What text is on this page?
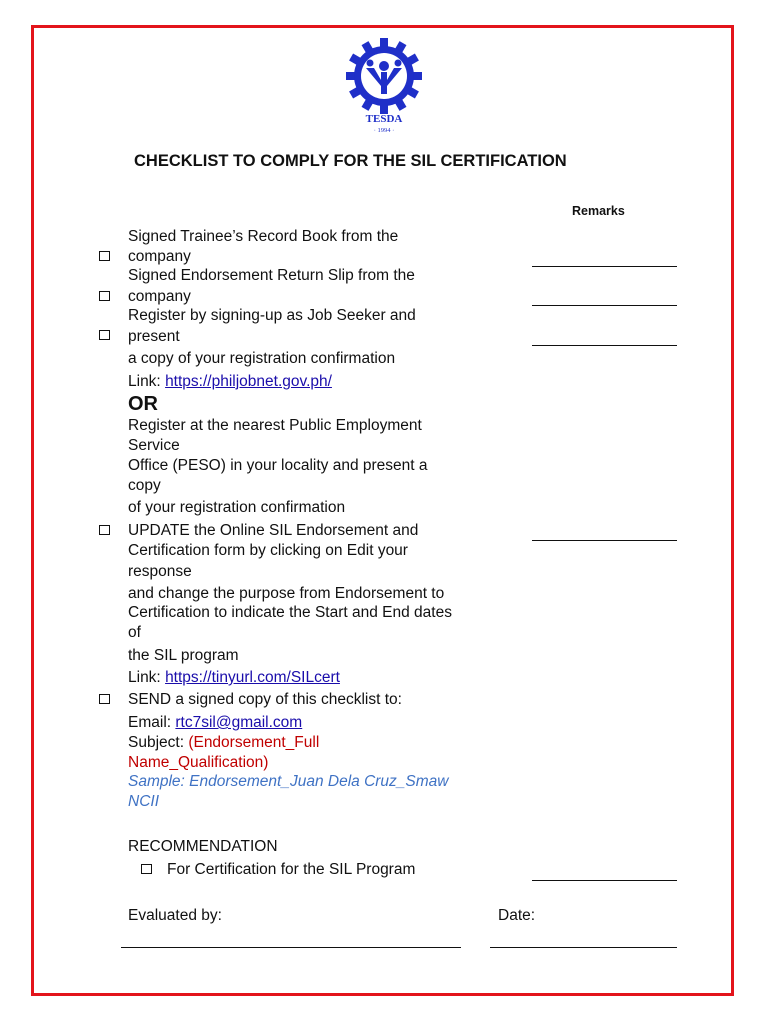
TESDA
· 1994 ·
CHECKLIST TO COMPLY FOR THE SIL CERTIFICATION
Remarks
Signed Trainee’s Record Book from the
company
Signed Endorsement Return Slip from the
company
Register by signing-up as Job Seeker and
present
a copy of your registration confirmation
Link: https://philjobnet.gov.ph/
OR
Register at the nearest Public Employment
Service
Office (PESO) in your locality and present a
copy
of your registration confirmation
UPDATE the Online SIL Endorsement and
Certification form by clicking on Edit your
response
and change the purpose from Endorsement to
Certification to indicate the Start and End dates
of
the SIL program
Link: https://tinyurl.com/SILcert
SEND a signed copy of this checklist to:
Email: rtc7sil@gmail.com
Subject: (Endorsement_Full
Name_Qualification)
Sample: Endorsement_Juan Dela Cruz_Smaw
NCII
RECOMMENDATION
For Certification for the SIL Program
Evaluated by:	Date:
